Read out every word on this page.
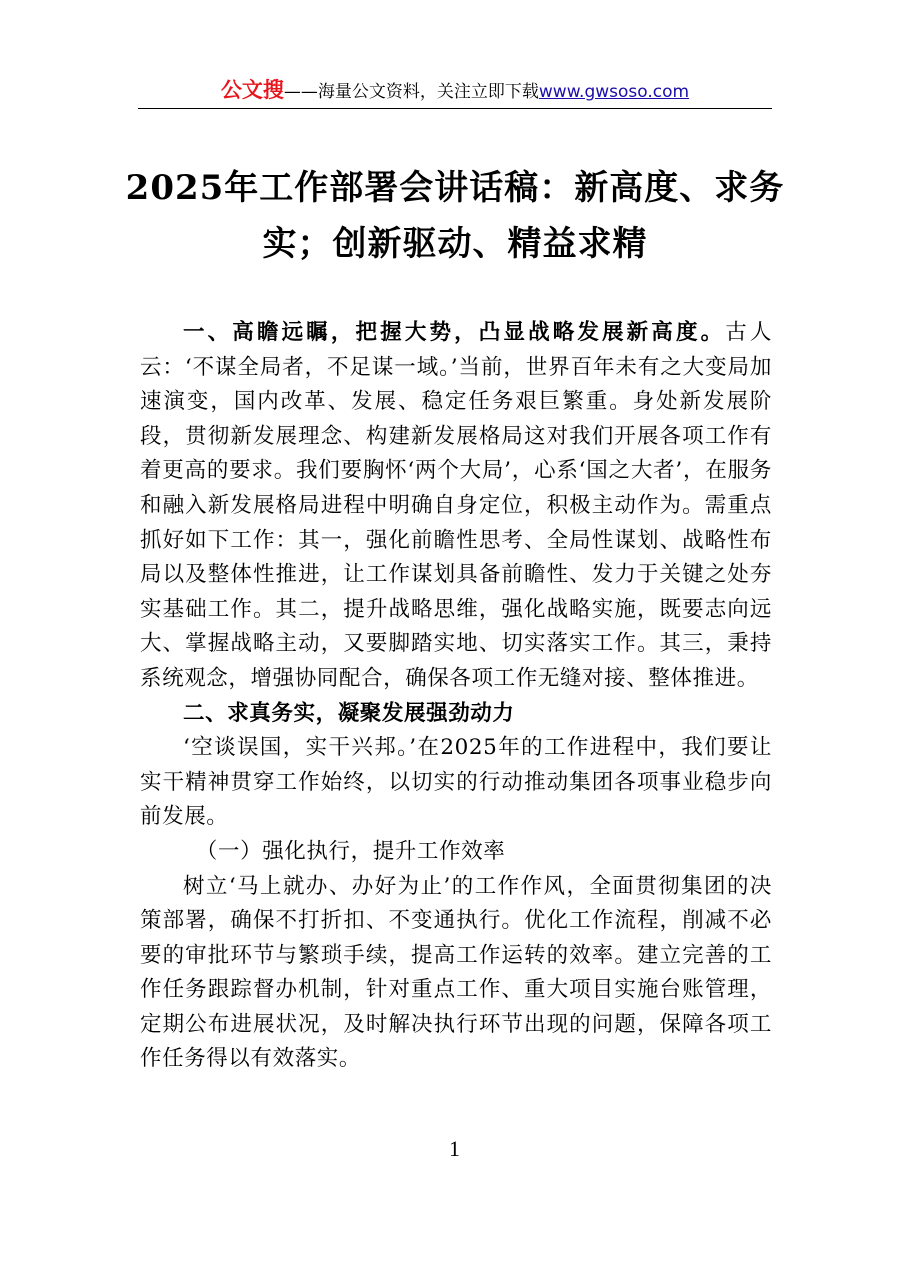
公文搜——海量公文资料，关注立即下载www.gwsoso.com
2025年工作部署会讲话稿：新高度、求务实；创新驱动、精益求精

一、高瞻远瞩，把握大势，凸显战略发展新高度。古人云：‘不谋全局者，不足谋一域。’当前，世界百年未有之大变局加速演变，国内改革、发展、稳定任务艰巨繁重。身处新发展阶段，贯彻新发展理念、构建新发展格局这对我们开展各项工作有着更高的要求。我们要胸怀‘两个大局’，心系‘国之大者’，在服务和融入新发展格局进程中明确自身定位，积极主动作为。需重点抓好如下工作：其一，强化前瞻性思考、全局性谋划、战略性布局以及整体性推进，让工作谋划具备前瞻性、发力于关键之处夯实基础工作。其二，提升战略思维，强化战略实施，既要志向远大、掌握战略主动，又要脚踏实地、切实落实工作。其三，秉持系统观念，增强协同配合，确保各项工作无缝对接、整体推进。

二、求真务实，凝聚发展强劲动力

‘空谈误国，实干兴邦。’在2025年的工作进程中，我们要让实干精神贯穿工作始终，以切实的行动推动集团各项事业稳步向前发展。

（一）强化执行，提升工作效率

树立‘马上就办、办好为止’的工作作风，全面贯彻集团的决策部署，确保不打折扣、不变通执行。优化工作流程，削减不必要的审批环节与繁琐手续，提高工作运转的效率。建立完善的工作任务跟踪督办机制，针对重点工作、重大项目实施台账管理，定期公布进展状况，及时解决执行环节出现的问题，保障各项工作任务得以有效落实。

1
